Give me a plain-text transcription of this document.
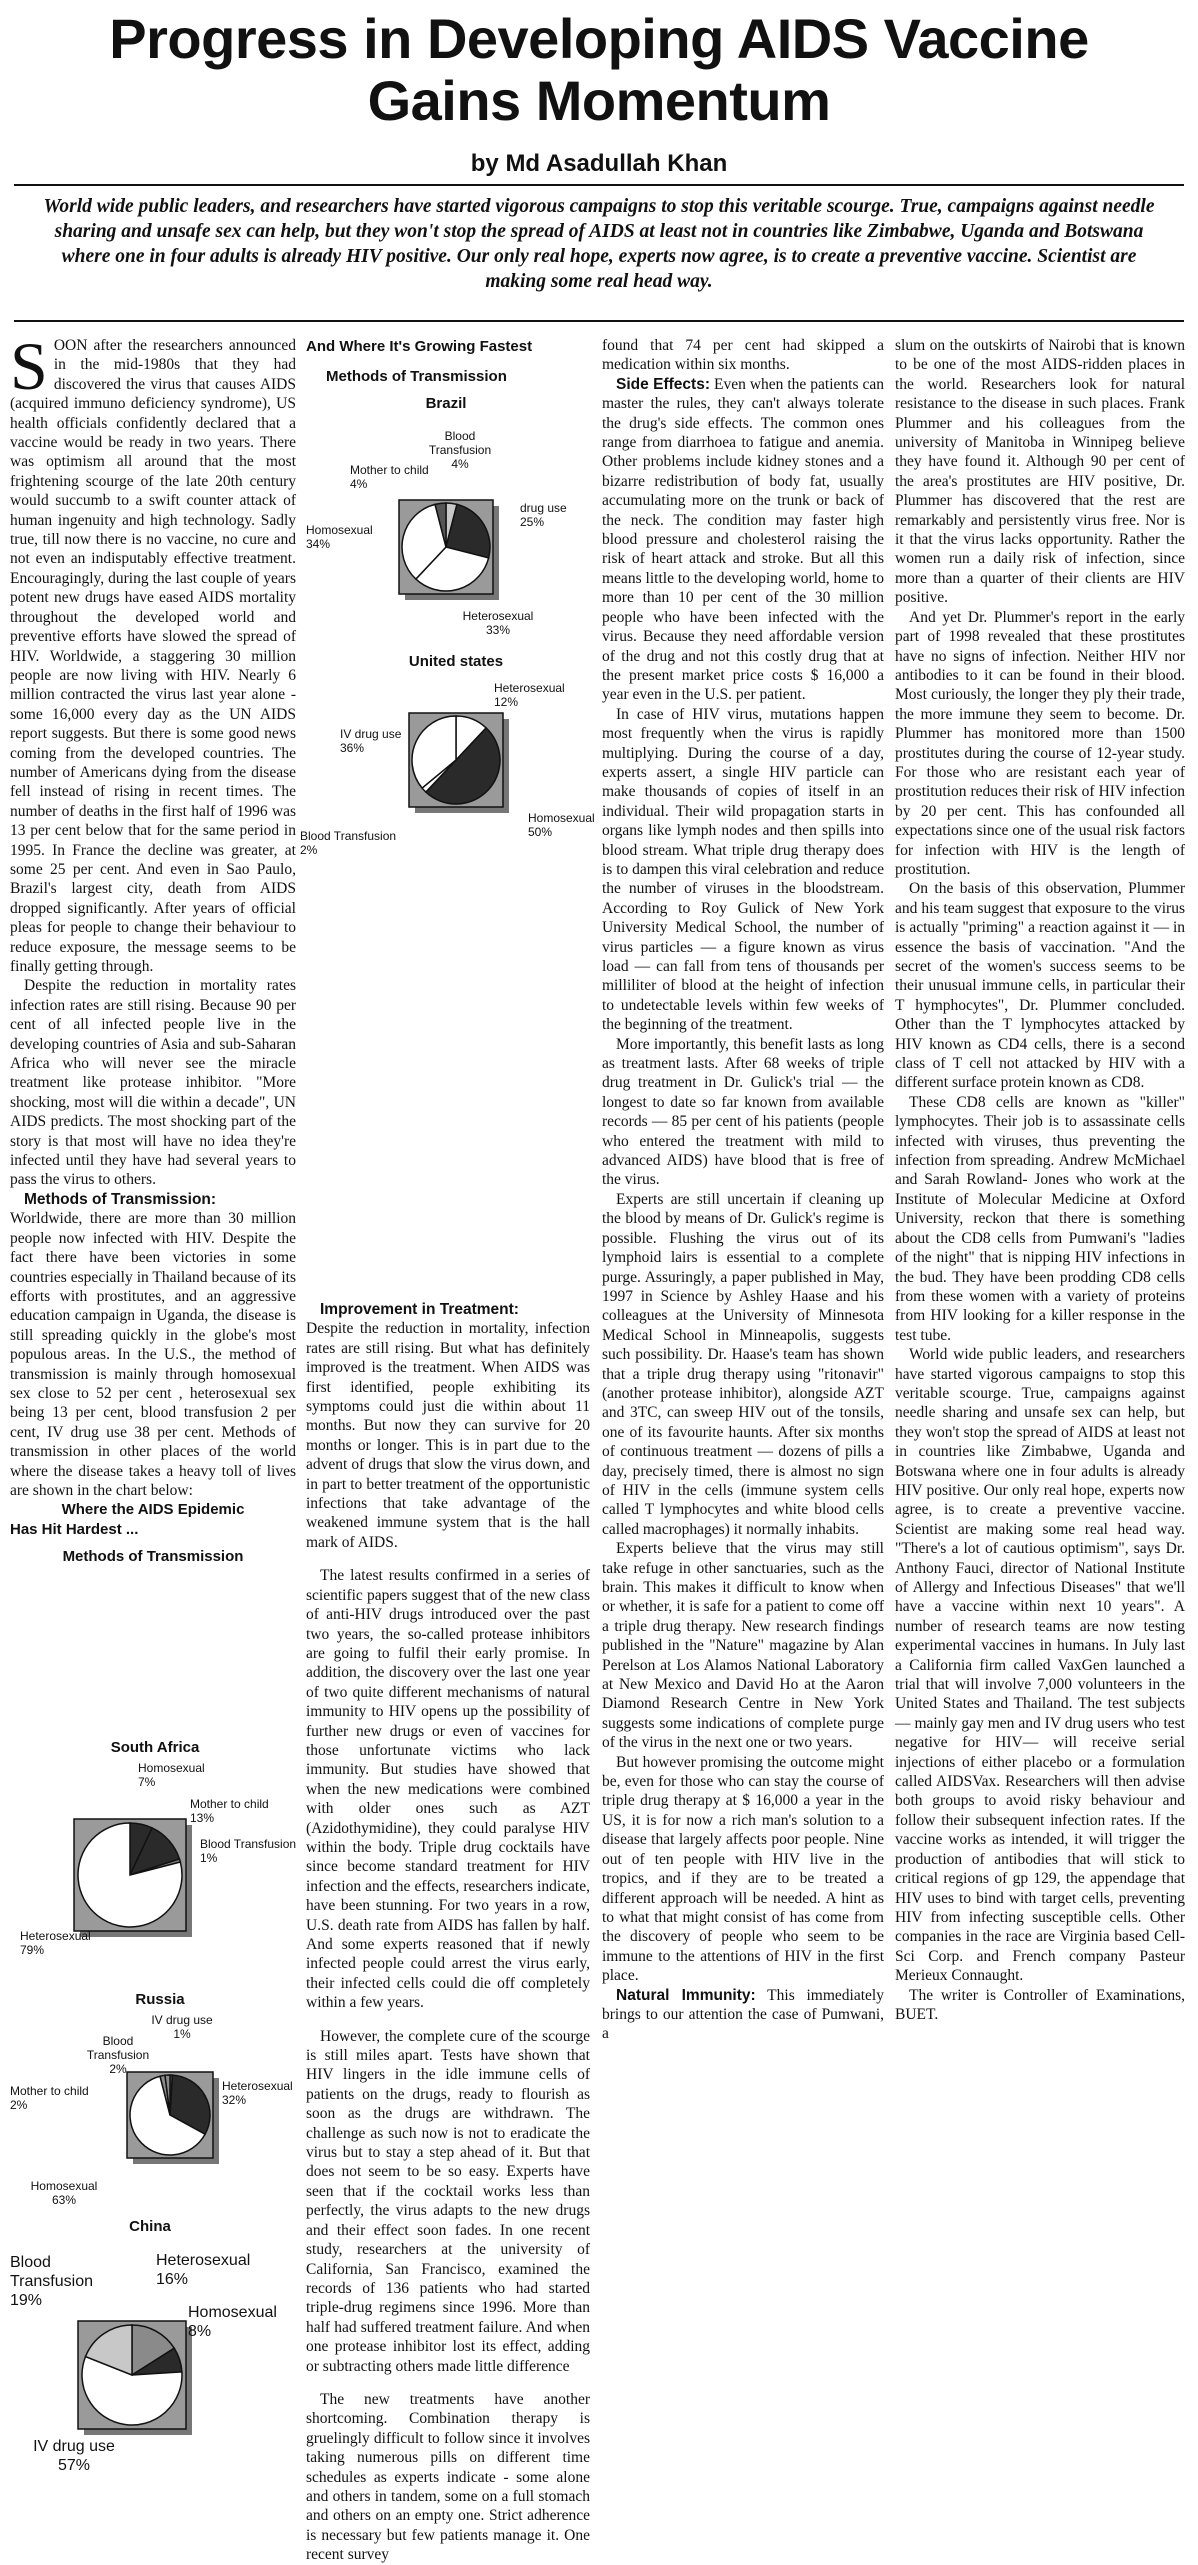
Progress in Developing AIDS Vaccine
Gains Momentum
by Md Asadullah Khan
World wide public leaders, and researchers have started vigorous campaigns to stop this veritable scourge. True, campaigns against needle sharing and unsafe sex can help, but they won't stop the spread of AIDS at least not in countries like Zimbabwe, Uganda and Botswana where one in four adults is already HIV positive. Our only real hope, experts now agree, is to create a preventive vaccine. Scientist are making some real head way.

SOON after the researchers announced in the mid-1980s that they had discovered the virus that causes AIDS (acquired immuno deficiency syndrome), US health officials confidently declared that a vaccine would be ready in two years. There was optimism all around that the most frightening scourge of the late 20th century would succumb to a swift counter attack of human ingenuity and high technology. Sadly true, till now there is no vaccine, no cure and not even an indisputably effective treatment. Encouragingly, during the last couple of years potent new drugs have eased AIDS mortality throughout the developed world and preventive efforts have slowed the spread of HIV. Worldwide, a staggering 30 million people are now living with HIV. Nearly 6 million contracted the virus last year alone - some 16,000 every day as the UN AIDS report suggests. But there is some good news coming from the developed countries. The number of Americans dying from the disease fell instead of rising in recent times. The number of deaths in the first half of 1996 was 13 per cent below that for the same period in 1995. In France the decline was greater, at some 25 per cent. And even in Sao Paulo, Brazil's largest city, death from AIDS dropped significantly. After years of official pleas for people to change their behaviour to reduce exposure, the message seems to be finally getting through.

Despite the reduction in mortality rates infection rates are still rising. Because 90 per cent of all infected people live in the developing countries of Asia and sub-Saharan Africa who will never see the miracle treatment like protease inhibitor. "More shocking, most will die within a decade", UN AIDS predicts. The most shocking part of the story is that most will have no idea they're infected until they have had several years to pass the virus to others.

Methods of Transmission:
Worldwide, there are more than 30 million people now infected with HIV. Despite the fact there have been victories in some countries especially in Thailand because of its efforts with prostitutes, and an aggressive education campaign in Uganda, the disease is still spreading quickly in the globe's most populous areas. In the U.S., the method of transmission is mainly through homosexual sex close to 52 per cent , heterosexual sex being 13 per cent, blood transfusion 2 per cent, IV drug use 38 per cent. Methods of transmission in other places of the world where the disease takes a heavy toll of lives are shown in the chart below:

Where the AIDS Epidemic

Has Hit Hardest ...

Methods of Transmission

South Africa
Homosexual 7%
Mother to child 13%
Blood Transfusion 1%
Heterosexual 79%
Russia
IV drug use 1%
Heterosexual 32%
Homosexual 63%
Mother to child 2%
Blood Transfusion 2%
China
Heterosexual 16%
Homosexual 8%
IV drug use 57%
Blood Transfusion 19%
And Where It's Growing Fastest
Methods of Transmission
Brazil
Blood Transfusion 4%
drug use 25%
Heterosexual 33%
Homosexual 34%
Mother to child 4%
United states
Heterosexual 12%
Homosexual 50%
Blood Transfusion 2%
IV drug use 36%

Improvement in Treatment:
Despite the reduction in mortality, infection rates are still rising. But what has definitely improved is the treatment. When AIDS was first identified, people exhibiting its symptoms could just die within about 11 months. But now they can survive for 20 months or longer. This is in part due to the advent of drugs that slow the virus down, and in part to better treatment of the opportunistic infections that take advantage of the weakened immune system that is the hall mark of AIDS.

The latest results confirmed in a series of scientific papers suggest that of the new class of anti-HIV drugs introduced over the past two years, the so-called protease inhibitors are going to fulfil their early promise. In addition, the discovery over the last one year of two quite different mechanisms of natural immunity to HIV opens up the possibility of further new drugs or even of vaccines for those unfortunate victims who lack immunity. But studies have showed that when the new medications were combined with older ones such as AZT (Azidothymidine), they could paralyse HIV within the body. Triple drug cocktails have since become standard treatment for HIV infection and the effects, researchers indicate, have been stunning. For two years in a row, U.S. death rate from AIDS has fallen by half. And some experts reasoned that if newly infected people could arrest the virus early, their infected cells could die off completely within a few years.

However, the complete cure of the scourge is still miles apart. Tests have shown that HIV lingers in the idle immune cells of patients on the drugs, ready to flourish as soon as the drugs are withdrawn. The challenge as such now is not to eradicate the virus but to stay a step ahead of it. But that does not seem to be so easy. Experts have seen that if the cocktail works less than perfectly, the virus adapts to the new drugs and their effect soon fades. In one recent study, researchers at the university of California, San Francisco, examined the records of 136 patients who had started triple-drug regimens since 1996. More than half had suffered treatment failure. And when one protease inhibitor lost its effect, adding or subtracting others made little difference

The new treatments have another shortcoming. Combination therapy is gruelingly difficult to follow since it involves taking numerous pills on different time schedules as experts indicate - some alone and others in tandem, some on a full stomach and others on an empty one. Strict adherence is necessary but few patients manage it. One recent survey

found that 74 per cent had skipped a medication within six months.

Side Effects: Even when the patients can master the rules, they can't always tolerate the drug's side effects. The common ones range from diarrhoea to fatigue and anemia. Other problems include kidney stones and a bizarre redistribution of body fat, usually accumulating more on the trunk or back of the neck. The condition may faster high blood pressure and cholesterol raising the risk of heart attack and stroke. But all this means little to the developing world, home to more than 10 per cent of the 30 million people who have been infected with the virus. Because they need affordable version of the drug and not this costly drug that at the present market price costs $ 16,000 a year even in the U.S. per patient.

In case of HIV virus, mutations happen most frequently when the virus is rapidly multiplying. During the course of a day, experts assert, a single HIV particle can make thousands of copies of itself in an individual. Their wild propagation starts in organs like lymph nodes and then spills into blood stream. What triple drug therapy does is to dampen this viral celebration and reduce the number of viruses in the bloodstream. According to Roy Gulick of New York University Medical School, the number of virus particles — a figure known as virus load — can fall from tens of thousands per milliliter of blood at the height of infection to undetectable levels within few weeks of the beginning of the treatment.

More importantly, this benefit lasts as long as treatment lasts. After 68 weeks of triple drug treatment in Dr. Gulick's trial — the longest to date so far known from available records — 85 per cent of his patients (people who entered the treatment with mild to advanced AIDS) have blood that is free of the virus.

Experts are still uncertain if cleaning up the blood by means of Dr. Gulick's regime is possible. Flushing the virus out of its lymphoid lairs is essential to a complete purge. Assuringly, a paper published in May, 1997 in Science by Ashley Haase and his colleagues at the University of Minnesota Medical School in Minneapolis, suggests such possibility. Dr. Haase's team has shown that a triple drug therapy using "ritonavir" (another protease inhibitor), alongside AZT and 3TC, can sweep HIV out of the tonsils, one of its favourite haunts. After six months of continuous treatment — dozens of pills a day, precisely timed, there is almost no sign of HIV in the cells (immune system cells called T lymphocytes and white blood cells called macrophages) it normally inhabits.

Experts believe that the virus may still take refuge in other sanctuaries, such as the brain. This makes it difficult to know when or whether, it is safe for a patient to come off a triple drug therapy. New research findings published in the "Nature" magazine by Alan Perelson at Los Alamos National Laboratory at New Mexico and David Ho at the Aaron Diamond Research Centre in New York suggests some indications of complete purge of the virus in the next one or two years.

But however promising the outcome might be, even for those who can stay the course of triple drug therapy at $ 16,000 a year in the US, it is for now a rich man's solution to a disease that largely affects poor people. Nine out of ten people with HIV live in the tropics, and if they are to be treated a different approach will be needed. A hint as to what that might consist of has come from the discovery of people who seem to be immune to the attentions of HIV in the first place.

Natural Immunity: This immediately brings to our attention the case of Pumwani, a

slum on the outskirts of Nairobi that is known to be one of the most AIDS-ridden places in the world. Researchers look for natural resistance to the disease in such places. Frank Plummer and his colleagues from the university of Manitoba in Winnipeg believe they have found it. Although 90 per cent of the area's prostitutes are HIV positive, Dr. Plummer has discovered that the rest are remarkably and persistently virus free. Nor is it that the virus lacks opportunity. Rather the women run a daily risk of infection, since more than a quarter of their clients are HIV positive.

And yet Dr. Plummer's report in the early part of 1998 revealed that these prostitutes have no signs of infection. Neither HIV nor antibodies to it can be found in their blood. Most curiously, the longer they ply their trade, the more immune they seem to become. Dr. Plummer has monitored more than 1500 prostitutes during the course of 12-year study. For those who are resistant each year of prostitution reduces their risk of HIV infection by 20 per cent. This has confounded all expectations since one of the usual risk factors for infection with HIV is the length of prostitution.

On the basis of this observation, Plummer and his team suggest that exposure to the virus is actually "priming" a reaction against it — in essence the basis of vaccination. "And the secret of the women's success seems to be their unusual immune cells, in particular their T hymphocytes", Dr. Plummer concluded. Other than the T lymphocytes attacked by HIV known as CD4 cells, there is a second class of T cell not attacked by HIV with a different surface protein known as CD8.

These CD8 cells are known as "killer" lymphocytes. Their job is to assassinate cells infected with viruses, thus preventing the infection from spreading. Andrew McMichael and Sarah Rowland- Jones who work at the Institute of Molecular Medicine at Oxford University, reckon that there is something about the CD8 cells from Pumwani's "ladies of the night" that is nipping HIV infections in the bud. They have been prodding CD8 cells from these women with a variety of proteins from HIV looking for a killer response in the test tube.

World wide public leaders, and researchers have started vigorous campaigns to stop this veritable scourge. True, campaigns against needle sharing and unsafe sex can help, but they won't stop the spread of AIDS at least not in countries like Zimbabwe, Uganda and Botswana where one in four adults is already HIV positive. Our only real hope, experts now agree, is to create a preventive vaccine. Scientist are making some real head way. "There's a lot of cautious optimism", says Dr. Anthony Fauci, director of National Institute of Allergy and Infectious Diseases" that we'll have a vaccine within next 10 years". A number of research teams are now testing experimental vaccines in humans. In July last a California firm called VaxGen launched a trial that will involve 7,000 volunteers in the United States and Thailand. The test subjects — mainly gay men and IV drug users who test negative for HIV— will receive serial injections of either placebo or a formulation called AIDSVax. Researchers will then advise both groups to avoid risky behaviour and follow their subsequent infection rates. If the vaccine works as intended, it will trigger the production of antibodies that will stick to critical regions of gp 129, the appendage that HIV uses to bind with target cells, preventing HIV from infecting susceptible cells. Other companies in the race are Virginia based Cell-Sci Corp. and French company Pasteur Merieux Connaught.

The writer is Controller of Examinations, BUET.
